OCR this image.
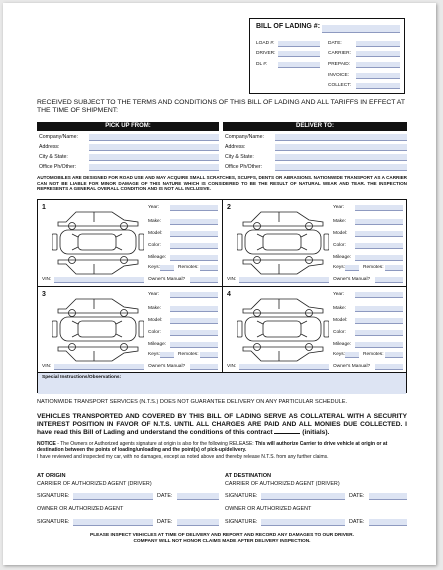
BILL OF LADING #:
LOAD #:	DATE:
DRIVER:	CARRIER:
DL #:	PREPAID:
INVOICE:
COLLECT:
RECEIVED SUBJECT TO THE TERMS AND CONDITIONS OF THIS BILL OF LADING AND ALL TARIFFS IN EFFECT AT THE TIME OF SHIPMENT:
PICK UP FROM:	DELIVER TO:
Company/Name:
Address:
City & State:
Office Ph/Other:
Company/Name:
Address:
City & State:
Office Ph/Other:
AUTOMOBILES ARE DESIGNED FOR ROAD USE AND MAY ACQUIRE SMALL SCRATCHES, SCUFFS, DENTS OR ABRASIONS. NATIONWIDE TRANSPORT AS A CARRIER CAN NOT BE LIABLE FOR MINOR DAMAGE OF THIS NATURE WHICH IS CONSIDERED TO BE THE RESULT OF NATURAL WEAR AND TEAR. THE INSPECTION REPRESENTS A GENERAL OVERALL CONDITION AND IS NOT ALL INCLUSIVE.
1	Year:
Make:
Model:
Color:
Mileage:
Keys:	Remotes:
VIN:	Owner's Manual?
2	Year:
Make:
Model:
Color:
Mileage:
Keys:	Remotes:
VIN:	Owner's Manual?
3	Year:
Make:
Model:
Color:
Mileage:
Keys:	Remotes:
VIN:	Owner's Manual?
4	Year:
Make:
Model:
Color:
Mileage:
Keys:	Remotes:
VIN:	Owner's Manual?
Special Instructions/Observations:
NATIONWIDE TRANSPORT SERVICES (N.T.S.) DOES NOT GUARANTEE DELIVERY ON ANY PARTICULAR SCHEDULE.
VEHICLES TRANSPORTED AND COVERED BY THIS BILL OF LADING SERVE AS COLLATERAL WITH A SECURITY INTEREST POSITION IN FAVOR OF N.T.S. UNTIL ALL CHARGES ARE PAID AND ALL MONIES DUE COLLECTED. I have read this Bill of Lading and understand the conditions of this contract	(initials).
NOTICE - The Owners or Authorized agents signature at origin is also for the following RELEASE: This will authorize Carrier to drive vehicle at origin or at destination between the points of loading/unloading and the point(s) of pick-up/delivery.
I have reviewed and inspected my car, with no damages, except as noted above and thereby release N.T.S. from any further claims.
AT ORIGIN
CARRIER OF AUTHORIZED AGENT (DRIVER)
SIGNATURE:	DATE:
OWNER OR AUTHORIZED AGENT
SIGNATURE:	DATE:
AT DESTINATION
CARRIER OF AUTHORIZED AGENT (DRIVER)
SIGNATURE:	DATE:
OWNER OR AUTHORIZED AGENT
SIGNATURE:	DATE:
PLEASE INSPECT VEHICLES AT TIME OF DELIVERY AND REPORT AND RECORD ANY DAMAGES TO OUR DRIVER.
COMPANY WILL NOT HONOR CLAIMS MADE AFTER DELIVERY INSPECTION.
